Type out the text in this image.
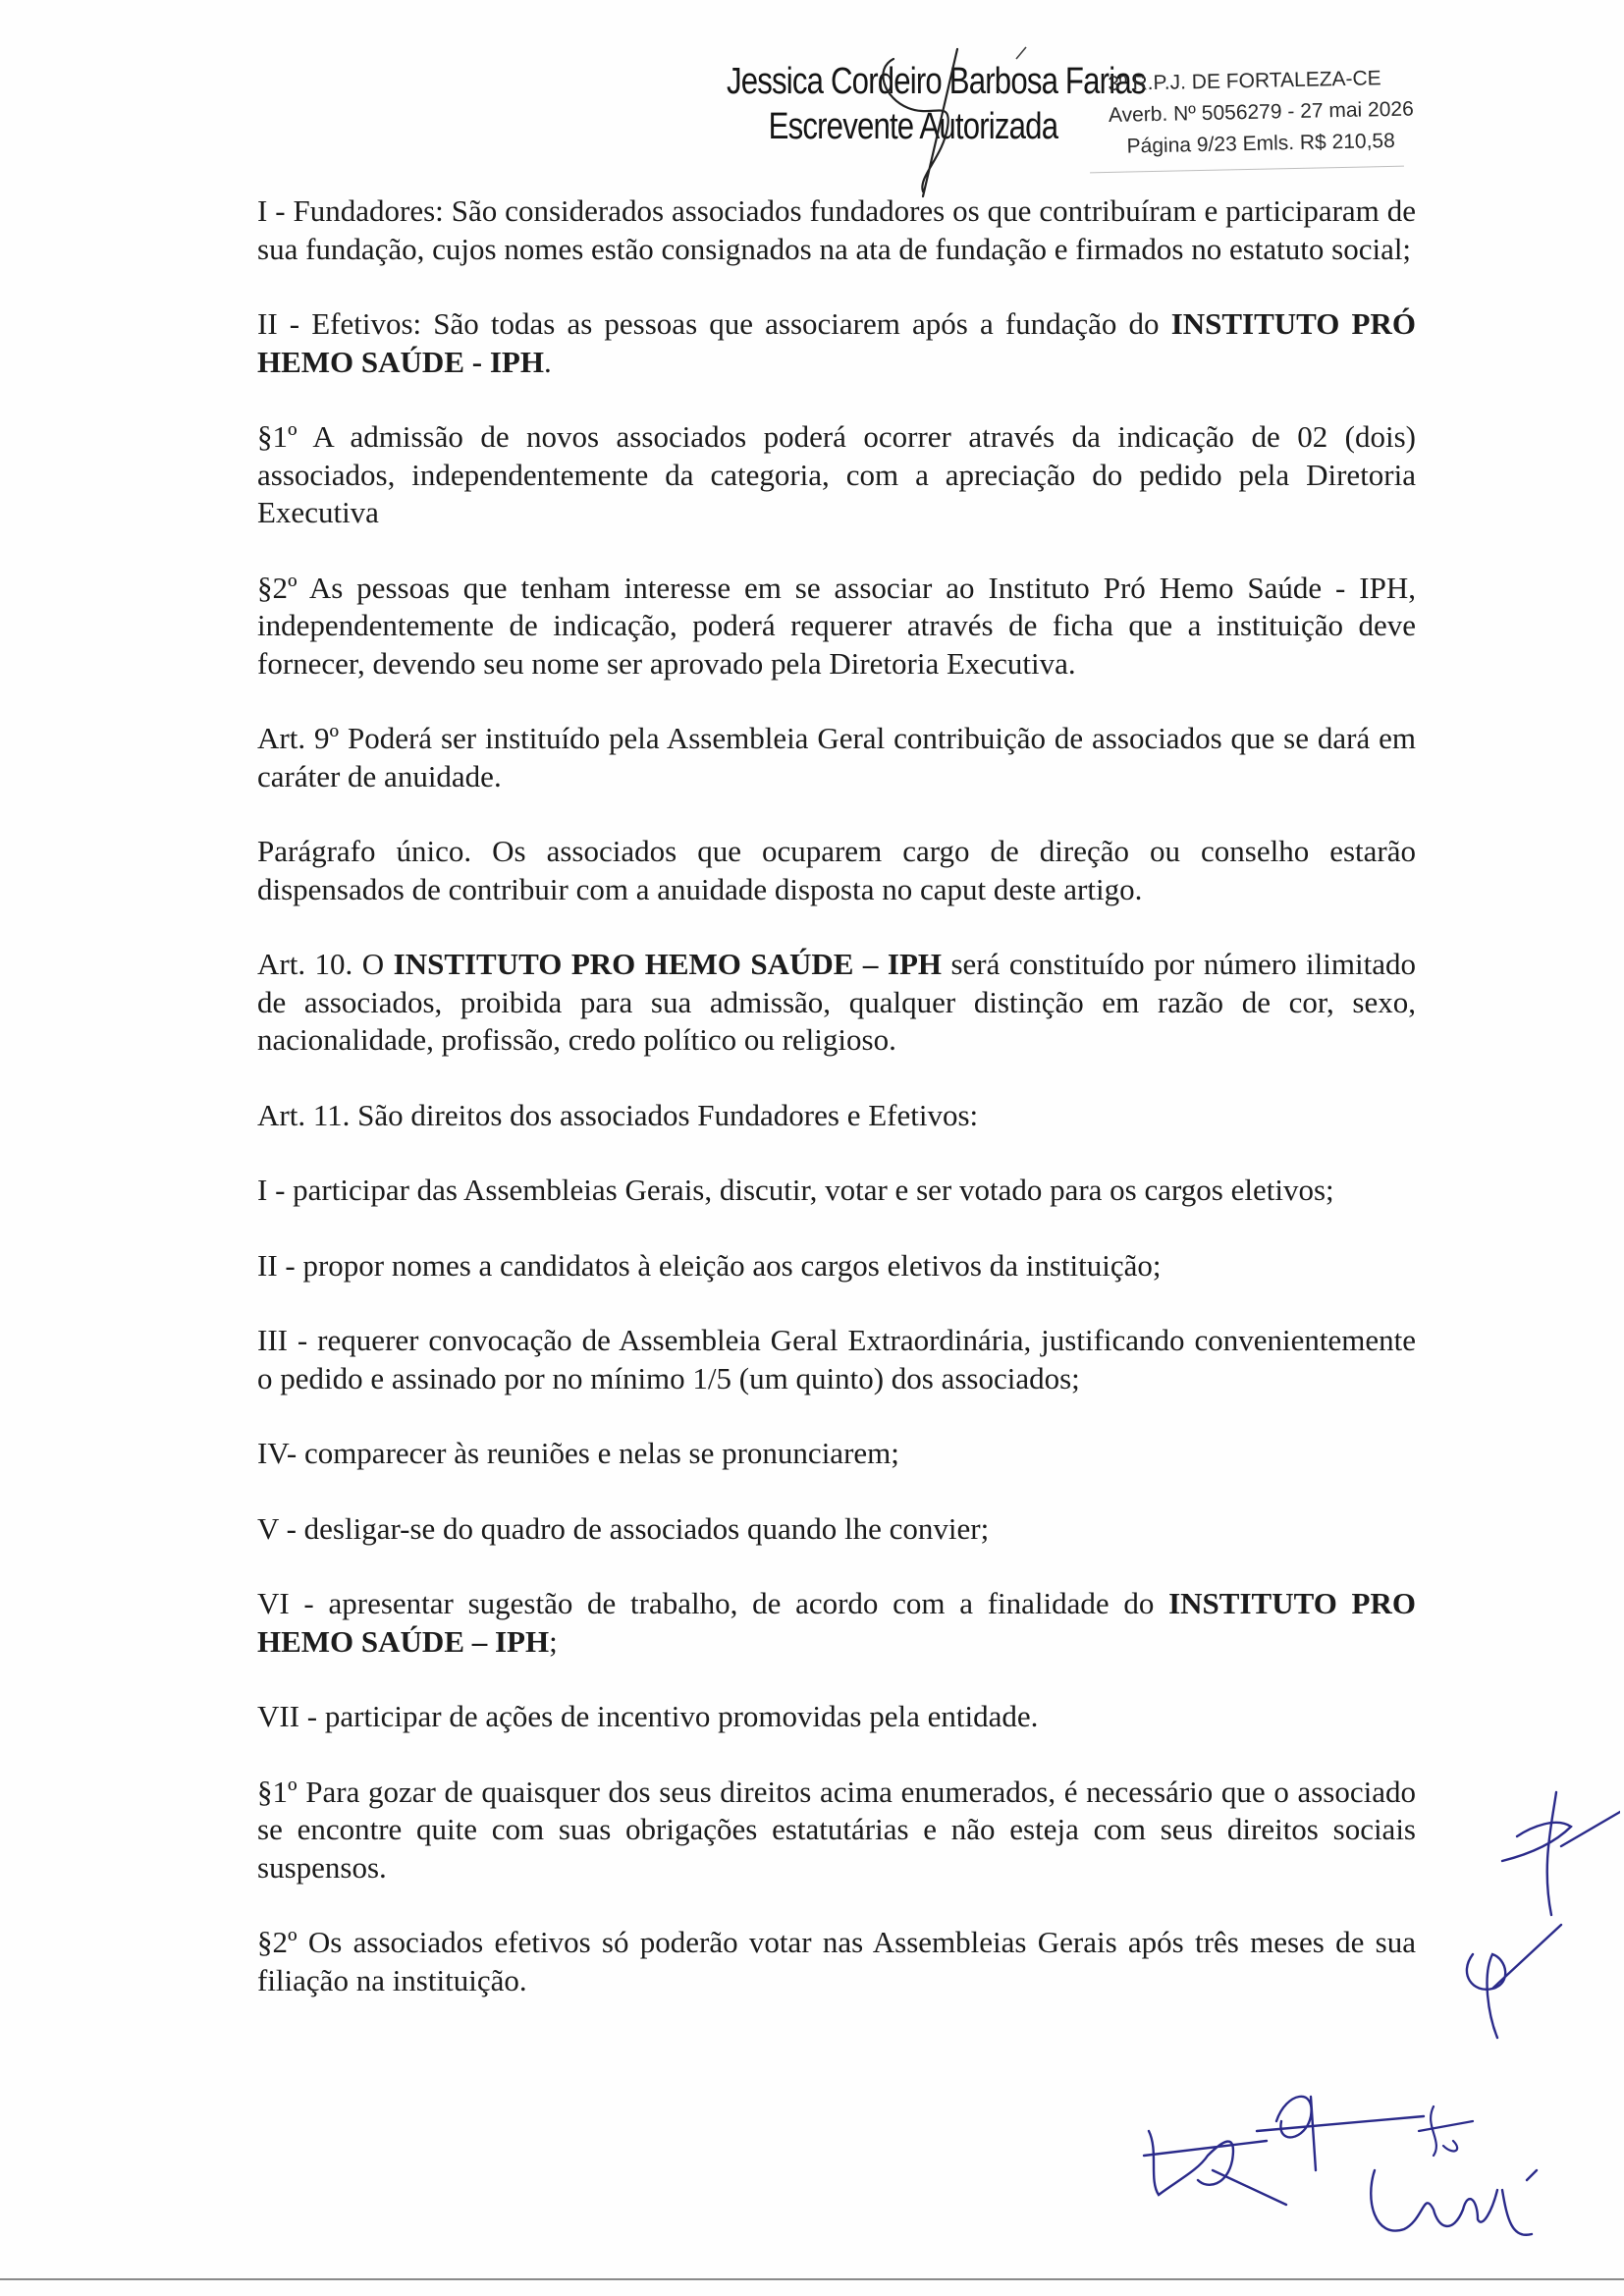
Jessica Cordeiro Barbosa Farias
Escrevente Autorizada
3º R.P.J. DE FORTALEZA-CE
Averb. Nº 5056279 - 27 mai 2026
Página 9/23 Emls. R$ 210,58

I - Fundadores: São considerados associados fundadores os que contribuíram e participaram de sua fundação, cujos nomes estão consignados na ata de fundação e firmados no estatuto social;

II - Efetivos: São todas as pessoas que associarem após a fundação do INSTITUTO PRÓ HEMO SAÚDE - IPH.

§1º A admissão de novos associados poderá ocorrer através da indicação de 02 (dois) associados, independentemente da categoria, com a apreciação do pedido pela Diretoria Executiva

§2º As pessoas que tenham interesse em se associar ao Instituto Pró Hemo Saúde - IPH, independentemente de indicação, poderá requerer através de ficha que a instituição deve fornecer, devendo seu nome ser aprovado pela Diretoria Executiva.

Art. 9º Poderá ser instituído pela Assembleia Geral contribuição de associados que se dará em caráter de anuidade.

Parágrafo único. Os associados que ocuparem cargo de direção ou conselho estarão dispensados de contribuir com a anuidade disposta no caput deste artigo.

Art. 10. O INSTITUTO PRO HEMO SAÚDE – IPH será constituído por número ilimitado de associados, proibida para sua admissão, qualquer distinção em razão de cor, sexo, nacionalidade, profissão, credo político ou religioso.

Art. 11. São direitos dos associados Fundadores e Efetivos:

I - participar das Assembleias Gerais, discutir, votar e ser votado para os cargos eletivos;

II - propor nomes a candidatos à eleição aos cargos eletivos da instituição;

III - requerer convocação de Assembleia Geral Extraordinária, justificando convenientemente o pedido e assinado por no mínimo 1/5 (um quinto) dos associados;

IV- comparecer às reuniões e nelas se pronunciarem;

V - desligar-se do quadro de associados quando lhe convier;

VI - apresentar sugestão de trabalho, de acordo com a finalidade do INSTITUTO PRO HEMO SAÚDE – IPH;

VII - participar de ações de incentivo promovidas pela entidade.

§1º Para gozar de quaisquer dos seus direitos acima enumerados, é necessário que o associado se encontre quite com suas obrigações estatutárias e não esteja com seus direitos sociais suspensos.

§2º Os associados efetivos só poderão votar nas Assembleias Gerais após três meses de sua filiação na instituição.
